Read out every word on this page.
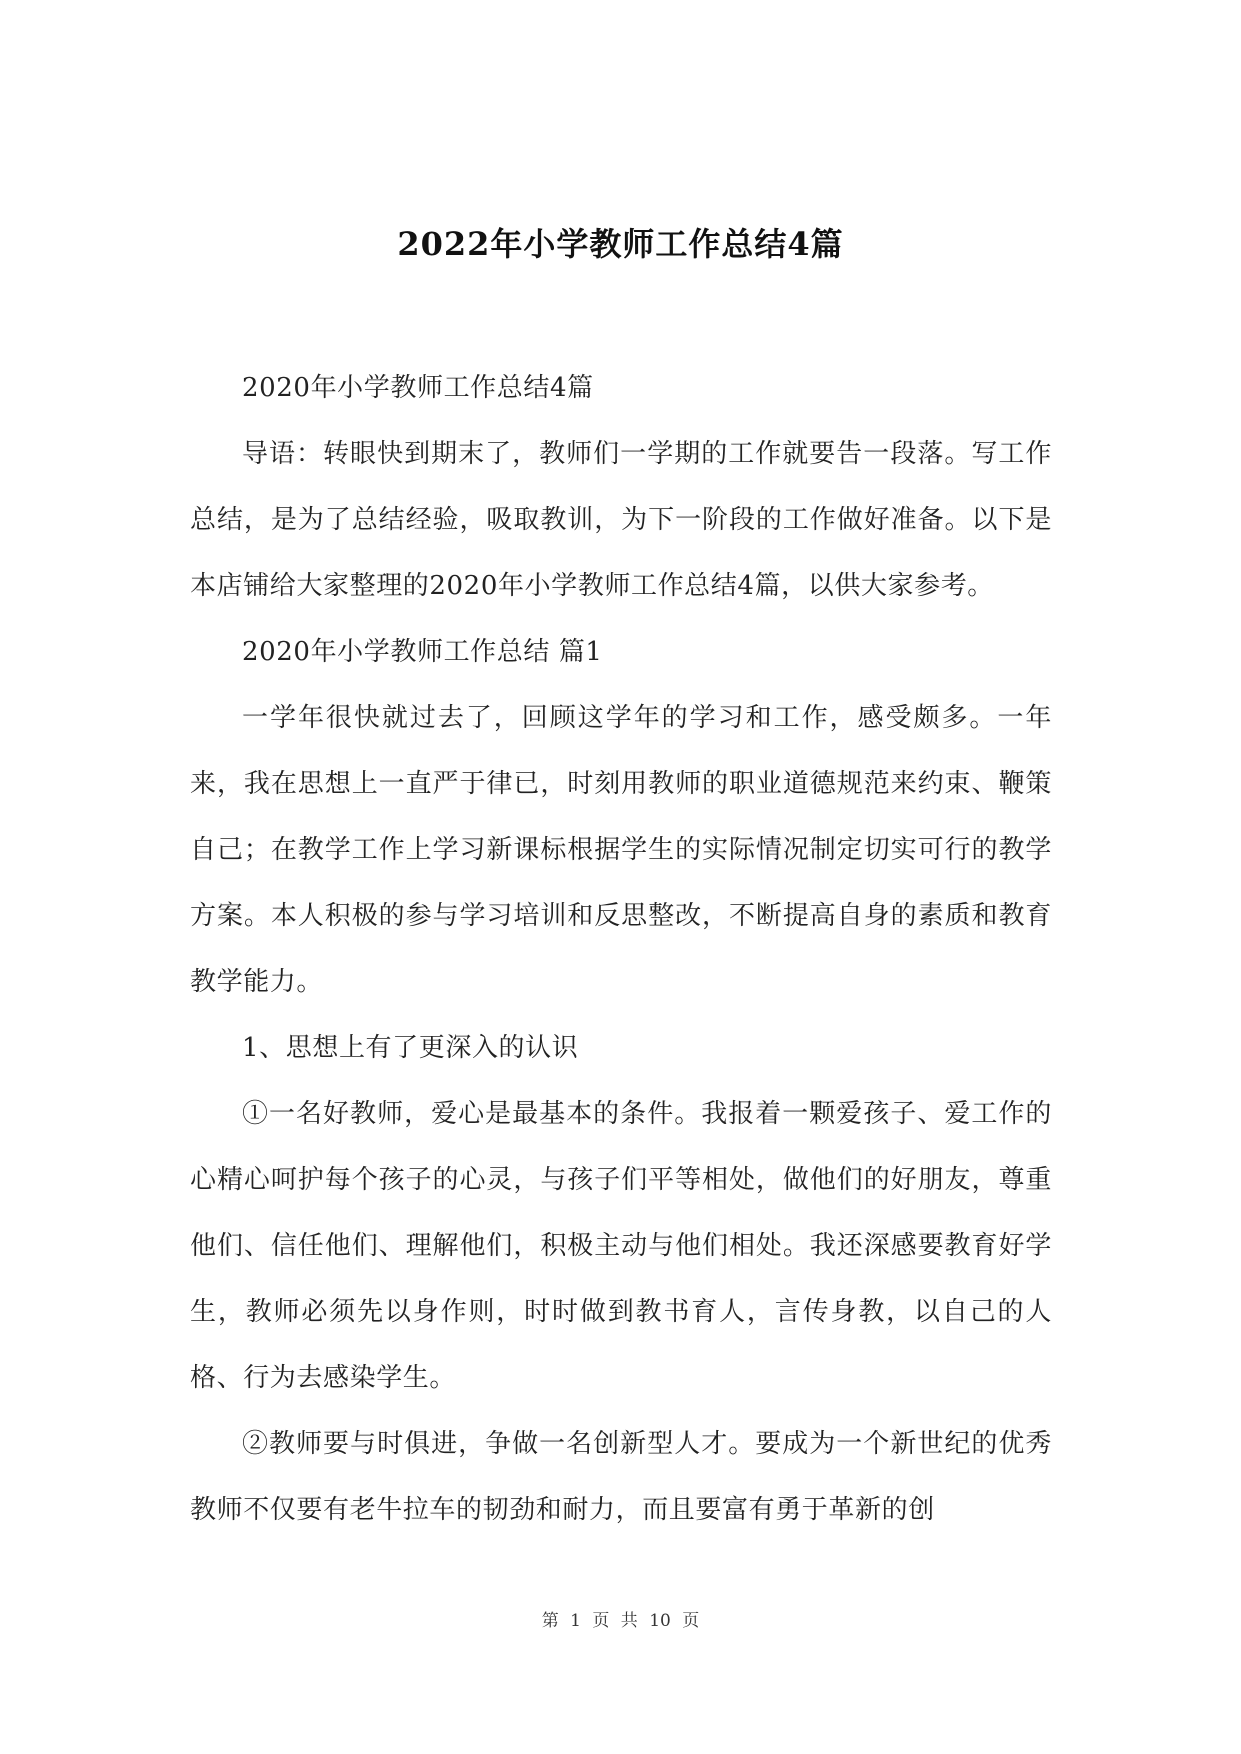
2022年小学教师工作总结4篇

2020年小学教师工作总结4篇

导语：转眼快到期末了，教师们一学期的工作就要告一段落。写工作总结，是为了总结经验，吸取教训，为下一阶段的工作做好准备。以下是本店铺给大家整理的2020年小学教师工作总结4篇，以供大家参考。

2020年小学教师工作总结 篇1

一学年很快就过去了，回顾这学年的学习和工作，感受颇多。一年来，我在思想上一直严于律已，时刻用教师的职业道德规范来约束、鞭策自己；在教学工作上学习新课标根据学生的实际情况制定切实可行的教学方案。本人积极的参与学习培训和反思整改，不断提高自身的素质和教育教学能力。

1、思想上有了更深入的认识

①一名好教师，爱心是最基本的条件。我报着一颗爱孩子、爱工作的心精心呵护每个孩子的心灵，与孩子们平等相处，做他们的好朋友，尊重他们、信任他们、理解他们，积极主动与他们相处。我还深感要教育好学生，教师必须先以身作则，时时做到教书育人，言传身教，以自己的人格、行为去感染学生。

②教师要与时俱进，争做一名创新型人才。要成为一个新世纪的优秀教师不仅要有老牛拉车的韧劲和耐力，而且要富有勇于革新的创

第 1 页 共 10 页
